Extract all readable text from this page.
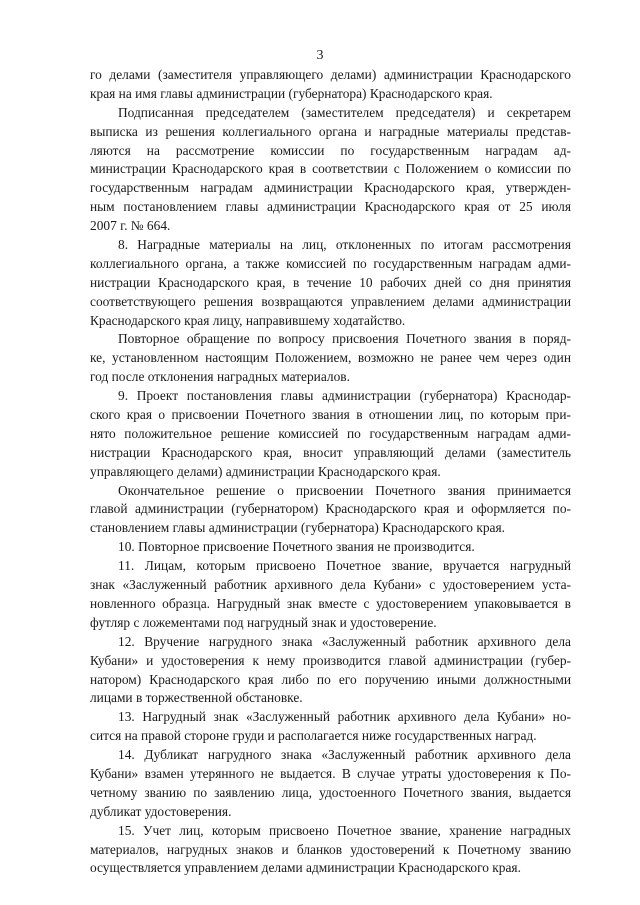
3
го делами (заместителя управляющего делами) администрации Краснодарского
края на имя главы администрации (губернатора) Краснодарского края.
Подписанная председателем (заместителем председателя) и секретарем
выписка из решения коллегиального органа и наградные материалы представ-
ляются на рассмотрение комиссии по государственным наградам ад-
министрации Краснодарского края в соответствии с Положением о комиссии по
государственным наградам администрации Краснодарского края, утвержден-
ным постановлением главы администрации Краснодарского края от 25 июля
2007 г. № 664.
8. Наградные материалы на лиц, отклоненных по итогам рассмотрения
коллегиального органа, а также комиссией по государственным наградам адми-
нистрации Краснодарского края, в течение 10 рабочих дней со дня принятия
соответствующего решения возвращаются управлением делами администрации
Краснодарского края лицу, направившему ходатайство.
Повторное обращение по вопросу присвоения Почетного звания в поряд-
ке, установленном настоящим Положением, возможно не ранее чем через один
год после отклонения наградных материалов.
9. Проект постановления главы администрации (губернатора) Краснодар-
ского края о присвоении Почетного звания в отношении лиц, по которым при-
нято положительное решение комиссией по государственным наградам адми-
нистрации Краснодарского края, вносит управляющий делами (заместитель
управляющего делами) администрации Краснодарского края.
Окончательное решение о присвоении Почетного звания принимается
главой администрации (губернатором) Краснодарского края и оформляется по-
становлением главы администрации (губернатора) Краснодарского края.
10. Повторное присвоение Почетного звания не производится.
11. Лицам, которым присвоено Почетное звание, вручается нагрудный
знак «Заслуженный работник архивного дела Кубани» с удостоверением уста-
новленного образца. Нагрудный знак вместе с удостоверением упаковывается в
футляр с ложементами под нагрудный знак и удостоверение.
12. Вручение нагрудного знака «Заслуженный работник архивного дела
Кубани» и удостоверения к нему производится главой администрации (губер-
натором) Краснодарского края либо по его поручению иными должностными
лицами в торжественной обстановке.
13. Нагрудный знак «Заслуженный работник архивного дела Кубани» но-
сится на правой стороне груди и располагается ниже государственных наград.
14. Дубликат нагрудного знака «Заслуженный работник архивного дела
Кубани» взамен утерянного не выдается. В случае утраты удостоверения к По-
четному званию по заявлению лица, удостоенного Почетного звания, выдается
дубликат удостоверения.
15. Учет лиц, которым присвоено Почетное звание, хранение наградных
материалов, нагрудных знаков и бланков удостоверений к Почетному званию
осуществляется управлением делами администрации Краснодарского края.
